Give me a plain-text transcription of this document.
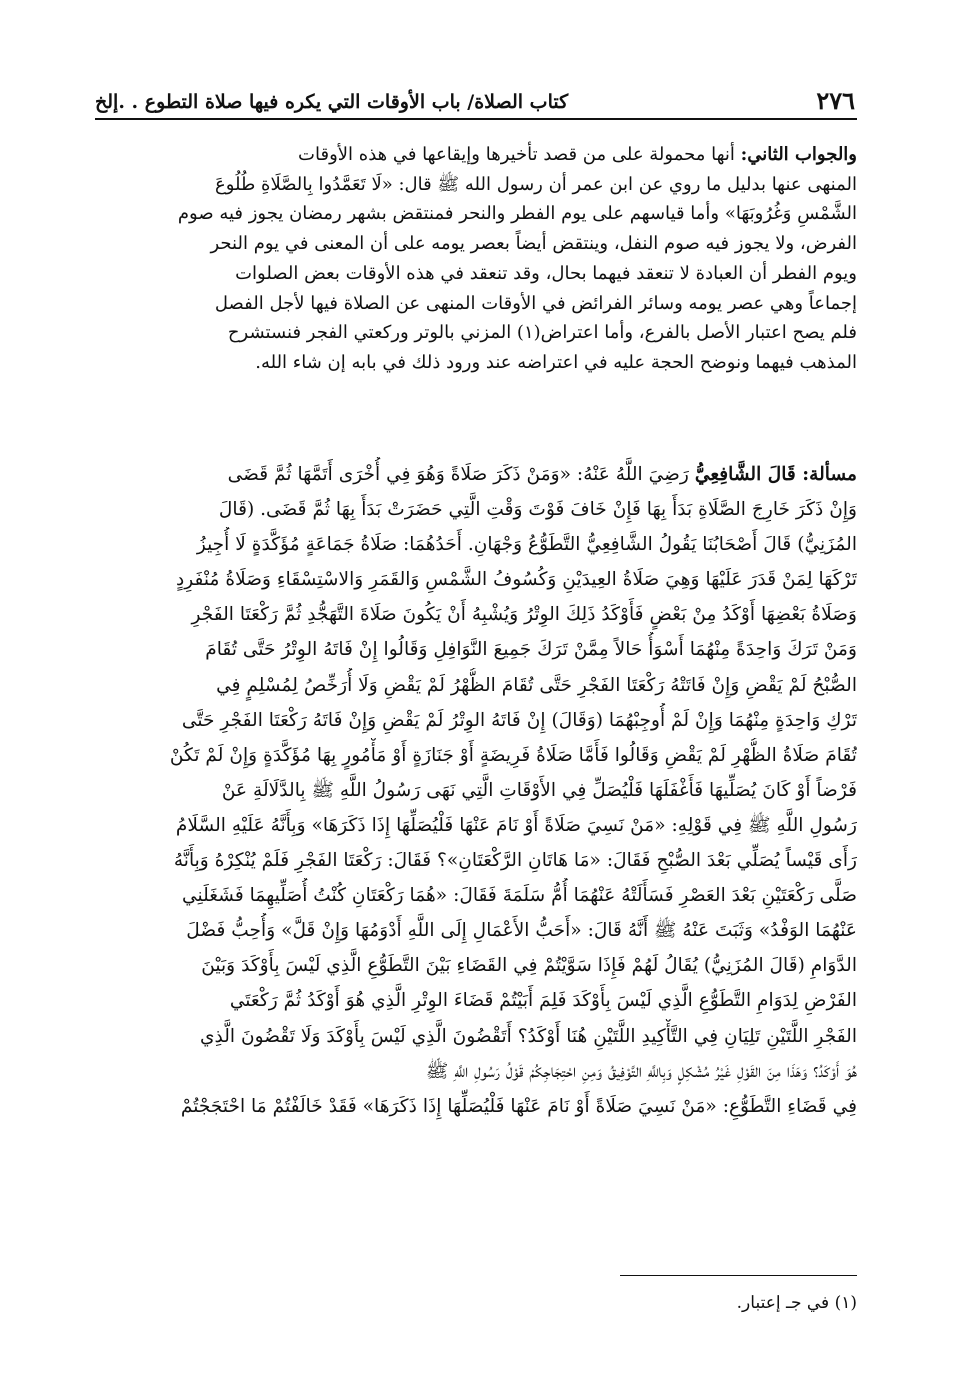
٢٧٦
كتاب الصلاة/ باب الأوقات التي يكره فيها صلاة التطوع . .إلخ
والجواب الثاني: أنها محمولة على من قصد تأخيرها وإيقاعها في هذه الأوقات
المنهى عنها بدليل ما روي عن ابن عمر أن رسول الله ﷺ قال: «لَا تَعَمَّدُوا بِالصَّلَاةِ طُلُوعَ
الشَّمْسِ وَغُرُوبَهَا» وأما قياسهم على يوم الفطر والنحر فمنتقض بشهر رمضان يجوز فيه صوم
الفرض، ولا يجوز فيه صوم النفل، وينتقض أيضاً بعصر يومه على أن المعنى في يوم النحر
ويوم الفطر أن العبادة لا تنعقد فيهما بحال، وقد تنعقد في هذه الأوقات بعض الصلوات
إجماعاً وهي عصر يومه وسائر الفرائض في الأوقات المنهى عن الصلاة فيها لأجل الفصل
فلم يصح اعتبار الأصل بالفرع، وأما اعتراض(١) المزني بالوتر وركعتي الفجر فنستشرح
المذهب فيهما ونوضح الحجة عليه في اعتراضه عند ورود ذلك في بابه إن شاء الله.
مسألة: قَالَ الشَّافِعِيُّ رَضِيَ اللَّهُ عَنْهُ: «وَمَنْ ذَكَرَ صَلَاةً وَهُوَ فِي أُخْرَى أَتَمَّهَا ثُمَّ قَضَى
وَإِنْ ذَكَرَ خَارِجَ الصَّلَاةِ بَدَأَ بِهَا فَإِنْ خَافَ فَوْتَ وَقْتِ الَّتِي حَضَرَتْ بَدَأَ بِهَا ثُمَّ قَضَى. (قَالَ
المُزَنِيُّ) قَالَ أَصْحَابُنَا يَقُولُ الشَّافِعِيُّ التَّطَوُّعُ وَجْهَانِ. أَحَدُهُمَا: صَلَاةُ جَمَاعَةٍ مُؤَكَّدَةٍ لَا أُجِيزُ
تَرْكَهَا لِمَنْ قَدَرَ عَلَيْهَا وَهِيَ صَلَاةُ العِيدَيْنِ وَكُسُوفُ الشَّمْسِ وَالقَمَرِ وَالاسْتِسْقَاءِ وَصَلَاةُ مُنْفَرِدٍ
وَصَلَاةُ بَعْضِهَا أَوْكَدُ مِنْ بَعْضٍ فَأَوْكَدُ ذَلِكَ الوِتْرُ وَيُشْبِهُ أَنْ يَكُونَ صَلَاةَ التَّهَجُّدِ ثُمَّ رَكْعَتَا الفَجْرِ
وَمَنْ تَرَكَ وَاحِدَةً مِنْهُمَا أَسْوَأُ حَالاً مِمَّنْ تَرَكَ جَمِيعَ النَّوَافِلِ وَقَالُوا إِنْ فَاتَهُ الوِتْرُ حَتَّى تُقَامَ
الصُّبْحُ لَمْ يَقْضِ وَإِنْ فَاتَتْهُ رَكْعَتَا الفَجْرِ حَتَّى تُقَامَ الظُّهْرُ لَمْ يَقْضِ وَلَا أُرَخِّصُ لِمُسْلِمٍ فِي
تَرْكِ وَاحِدَةٍ مِنْهُمَا وَإِنْ لَمْ أُوجِبْهُمَا (وَقَالَ) إِنْ فَاتَهُ الوِتْرُ لَمْ يَقْضِ وَإِنْ فَاتَهُ رَكْعَتَا الفَجْرِ حَتَّى
تُقَامَ صَلَاةُ الظُّهْرِ لَمْ يَقْضِ وَقَالُوا فَأَمَّا صَلَاةُ فَرِيضَةٍ أَوْ جَنَازَةٍ أَوْ مَأْمُورٍ بِهَا مُؤَكَّدَةٍ وَإِنْ لَمْ تَكُنْ
فَرْضاً أَوْ كَانَ يُصَلِّيهَا فَأَغْفَلَهَا فَلْيُصَلِّ فِي الأَوْقَاتِ الَّتِي نَهَى رَسُولُ اللَّهِ ﷺ بِالدَّلَالَةِ عَنْ
رَسُولِ اللَّهِ ﷺ فِي قَوْلِهِ: «مَنْ نَسِيَ صَلَاةً أَوْ نَامَ عَنْهَا فَلْيُصَلِّهَا إِذَا ذَكَرَهَا» وَبِأَنَّهُ عَلَيْهِ السَّلَامُ
رَأَى قَيْساً يُصَلِّي بَعْدَ الصُّبْحِ فَقَالَ: «مَا هَاتَانِ الرَّكْعَتَانِ»؟ فَقَالَ: رَكْعَتَا الفَجْرِ فَلَمْ يُنْكِرْهُ وَبِأَنَّهُ
صَلَّى رَكْعَتَيْنِ بَعْدَ العَصْرِ فَسَأَلَتْهُ عَنْهُمَا أُمُّ سَلَمَةَ فَقَالَ: «هُمَا رَكْعَتَانِ كُنْتُ أُصَلِّيهِمَا فَشَغَلَنِي
عَنْهُمَا الوَفْدُ» وَثَبَتَ عَنْهُ ﷺ أَنَّهُ قَالَ: «أَحَبُّ الأَعْمَالِ إِلَى اللَّهِ أَدْوَمُهَا وَإِنْ قَلَّ» وَأُحِبُّ فَضْلَ
الدَّوَامِ (قَالَ المُزَنِيُّ) يُقَالُ لَهُمْ فَإِذَا سَوَّيْتُمْ فِي القَضَاءِ بَيْنَ التَّطَوُّعِ الَّذِي لَيْسَ بِأَوْكَدَ وَبَيْنَ
الفَرْضِ لِدَوَامِ التَّطَوُّعِ الَّذِي لَيْسَ بِأَوْكَدَ فَلِمَ أَبَيْتُمْ قَضَاءَ الوِتْرِ الَّذِي هُوَ أَوْكَدُ ثُمَّ رَكْعَتَي
الفَجْرِ اللَّتَيْنِ تَلِيَانِ فِي التَّأْكِيدِ اللَّتَيْنِ هُنَا أَوْكَدُ؟ أَتَقْضُونَ الَّذِي لَيْسَ بِأَوْكَدَ وَلَا تَقْضُونَ الَّذِي
هُوَ أَوْكَدُ؟ وَهَذَا مِنَ القَوْلِ غَيْرُ مُشْكِلٍ وَبِاللَّهِ التَّوْفِيقُ وَمِنِ احْتِجَاجِكُمْ قَوْلُ رَسُولِ اللَّهِ ﷺ
فِي قَضَاءِ التَّطَوُّعِ: «مَنْ نَسِيَ صَلَاةً أَوْ نَامَ عَنْهَا فَلْيُصَلِّهَا إِذَا ذَكَرَهَا» فَقَدْ خَالَفْتُمْ مَا احْتَجَجْتُمْ
(١) في جـ إعتبار.
